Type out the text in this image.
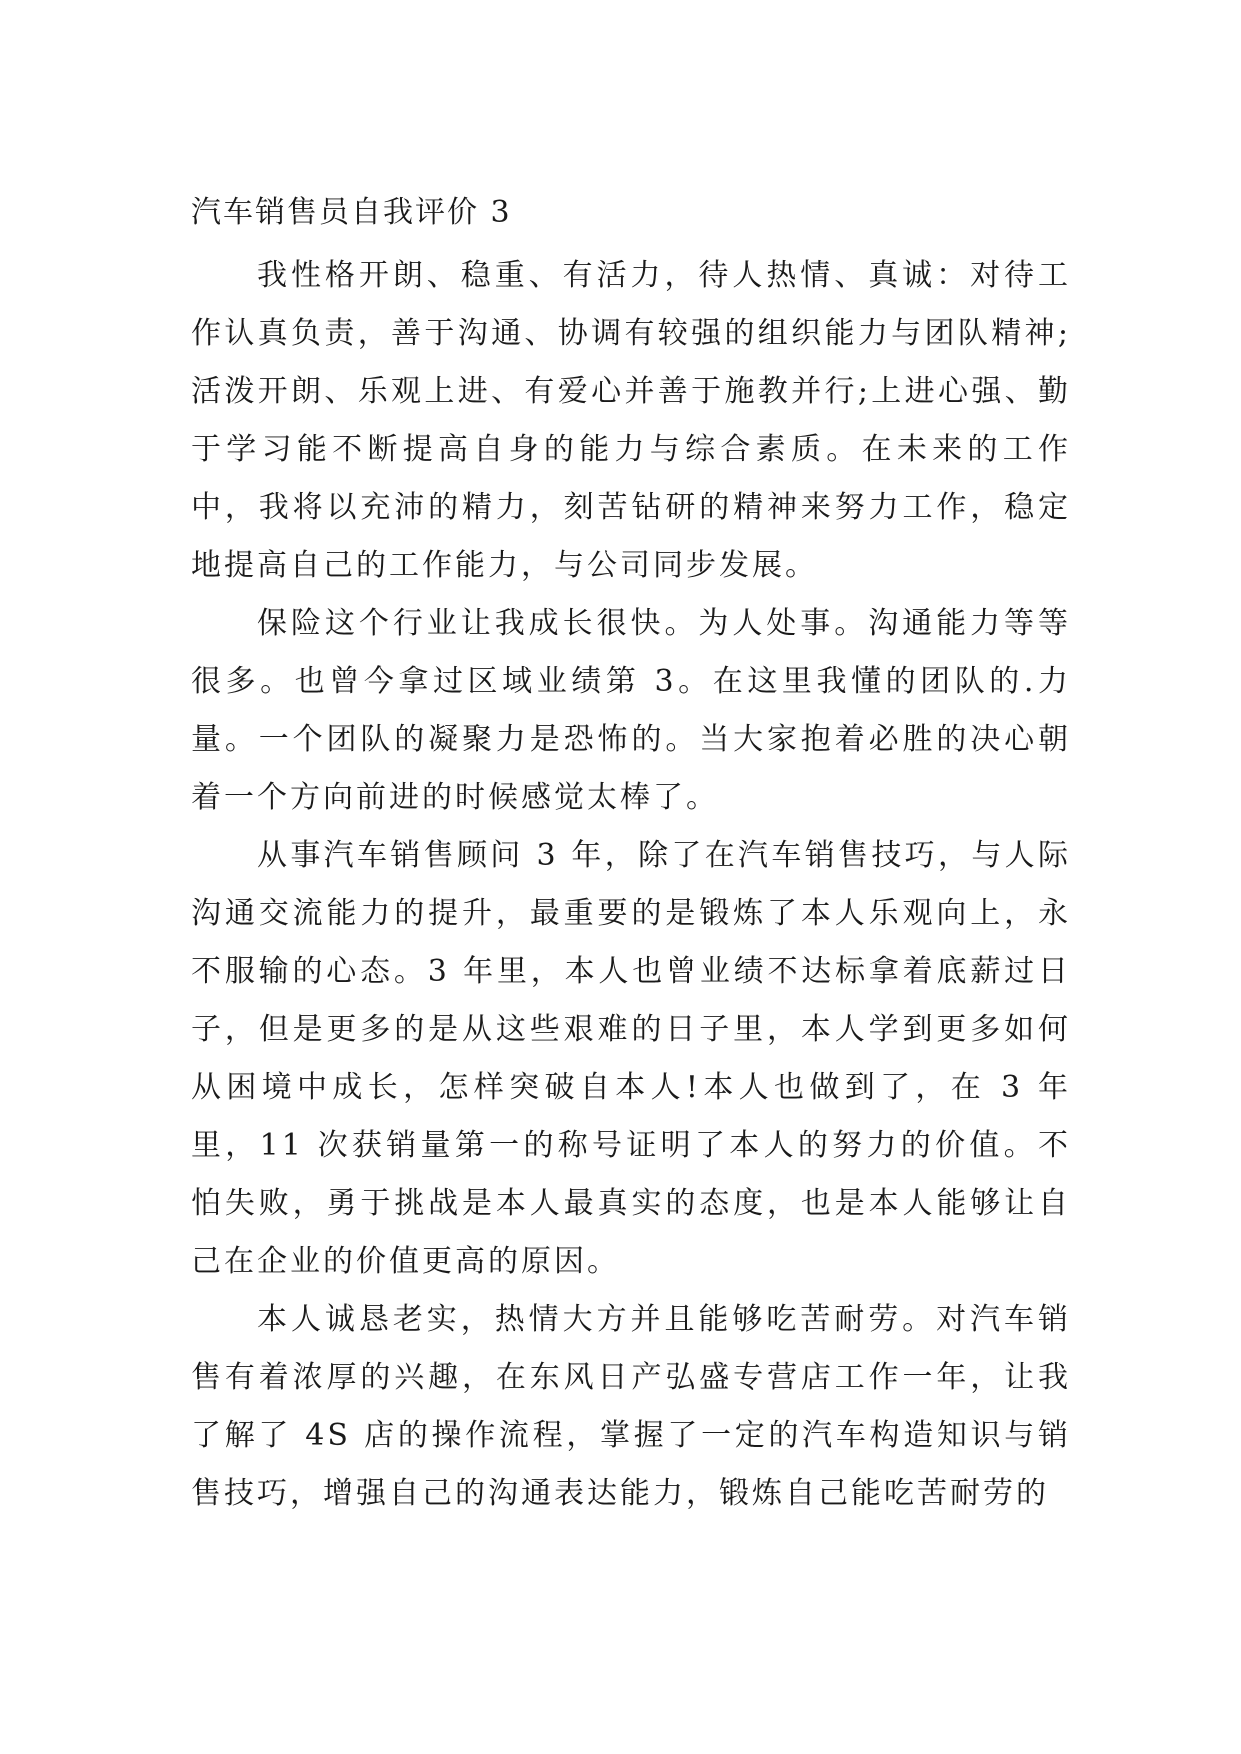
汽车销售员自我评价 3

我性格开朗、稳重、有活力，待人热情、真诚：对待工作认真负责，善于沟通、协调有较强的组织能力与团队精神;活泼开朗、乐观上进、有爱心并善于施教并行;上进心强、勤于学习能不断提高自身的能力与综合素质。在未来的工作中，我将以充沛的精力，刻苦钻研的精神来努力工作，稳定地提高自己的工作能力，与公司同步发展。

保险这个行业让我成长很快。为人处事。沟通能力等等很多。也曾今拿过区域业绩第 3。在这里我懂的团队的.力量。一个团队的凝聚力是恐怖的。当大家抱着必胜的决心朝着一个方向前进的时候感觉太棒了。

从事汽车销售顾问 3 年，除了在汽车销售技巧，与人际沟通交流能力的提升，最重要的是锻炼了本人乐观向上，永不服输的心态。3 年里，本人也曾业绩不达标拿着底薪过日子，但是更多的是从这些艰难的日子里，本人学到更多如何从困境中成长，怎样突破自本人!本人也做到了，在 3 年里，11 次获销量第一的称号证明了本人的努力的价值。不怕失败，勇于挑战是本人最真实的态度，也是本人能够让自己在企业的价值更高的原因。

本人诚恳老实，热情大方并且能够吃苦耐劳。对汽车销售有着浓厚的兴趣，在东风日产弘盛专营店工作一年，让我了解了 4S 店的操作流程，掌握了一定的汽车构造知识与销售技巧，增强自己的沟通表达能力，锻炼自己能吃苦耐劳的
